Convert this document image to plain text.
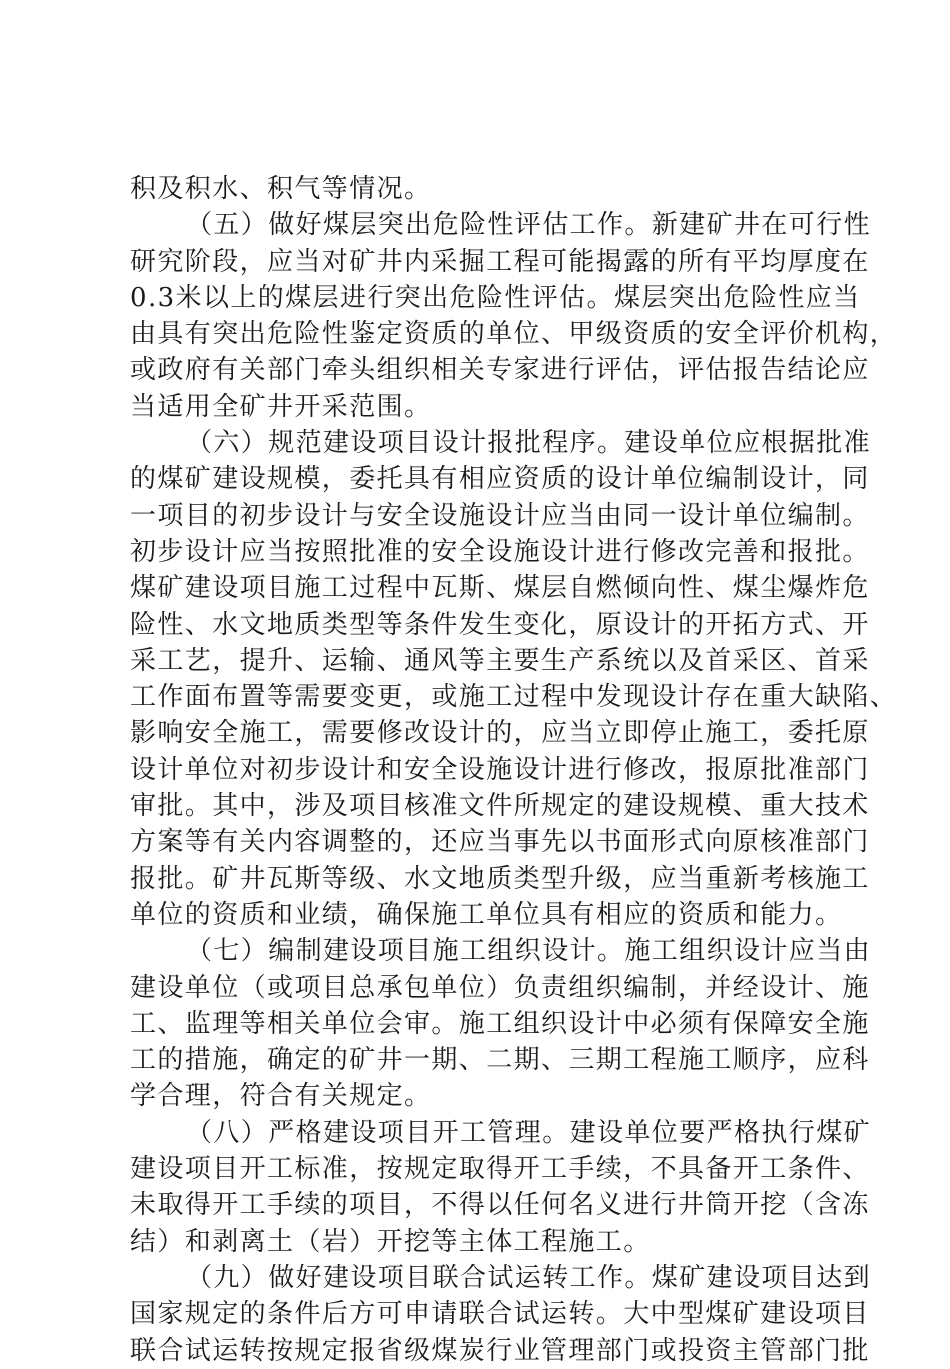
积及积水、积气等情况。
（五）做好煤层突出危险性评估工作。新建矿井在可行性
研究阶段，应当对矿井内采掘工程可能揭露的所有平均厚度在
0.3米以上的煤层进行突出危险性评估。煤层突出危险性应当
由具有突出危险性鉴定资质的单位、甲级资质的安全评价机构，
或政府有关部门牵头组织相关专家进行评估，评估报告结论应
当适用全矿井开采范围。
（六）规范建设项目设计报批程序。建设单位应根据批准
的煤矿建设规模，委托具有相应资质的设计单位编制设计，同
一项目的初步设计与安全设施设计应当由同一设计单位编制。
初步设计应当按照批准的安全设施设计进行修改完善和报批。
煤矿建设项目施工过程中瓦斯、煤层自燃倾向性、煤尘爆炸危
险性、水文地质类型等条件发生变化，原设计的开拓方式、开
采工艺，提升、运输、通风等主要生产系统以及首采区、首采
工作面布置等需要变更，或施工过程中发现设计存在重大缺陷、
影响安全施工，需要修改设计的，应当立即停止施工，委托原
设计单位对初步设计和安全设施设计进行修改，报原批准部门
审批。其中，涉及项目核准文件所规定的建设规模、重大技术
方案等有关内容调整的，还应当事先以书面形式向原核准部门
报批。矿井瓦斯等级、水文地质类型升级，应当重新考核施工
单位的资质和业绩，确保施工单位具有相应的资质和能力。
（七）编制建设项目施工组织设计。施工组织设计应当由
建设单位（或项目总承包单位）负责组织编制，并经设计、施
工、监理等相关单位会审。施工组织设计中必须有保障安全施
工的措施，确定的矿井一期、二期、三期工程施工顺序，应科
学合理，符合有关规定。
（八）严格建设项目开工管理。建设单位要严格执行煤矿
建设项目开工标准，按规定取得开工手续，不具备开工条件、
未取得开工手续的项目，不得以任何名义进行井筒开挖（含冻
结）和剥离土（岩）开挖等主体工程施工。
（九）做好建设项目联合试运转工作。煤矿建设项目达到
国家规定的条件后方可申请联合试运转。大中型煤矿建设项目
联合试运转按规定报省级煤炭行业管理部门或投资主管部门批
